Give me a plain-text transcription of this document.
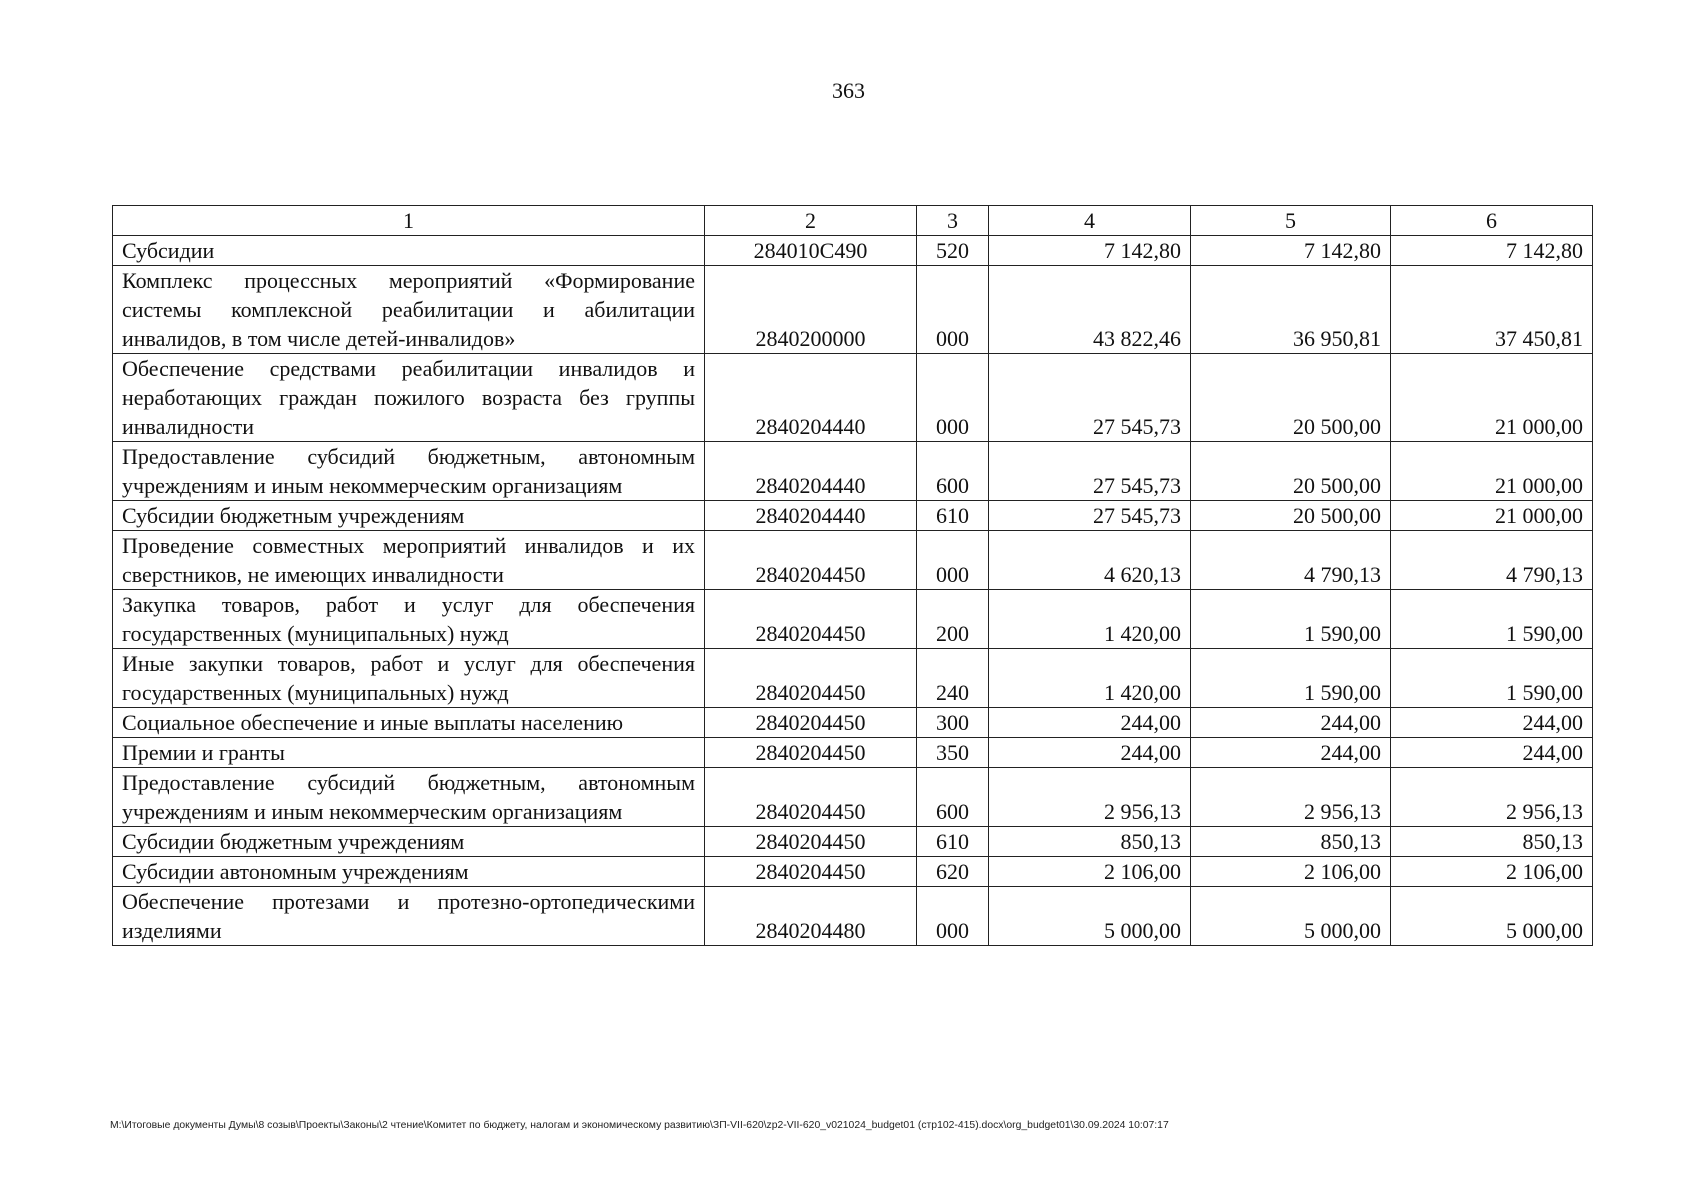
363
1	2	3	4	5	6
Субсидии	284010С490	520	7 142,80	7 142,80	7 142,80
Комплекс процессных мероприятий «Формирование системы комплексной реабилитации и абилитации инвалидов, в том числе детей-инвалидов»	2840200000	000	43 822,46	36 950,81	37 450,81
Обеспечение средствами реабилитации инвалидов и неработающих граждан пожилого возраста без группы инвалидности	2840204440	000	27 545,73	20 500,00	21 000,00
Предоставление субсидий бюджетным, автономным учреждениям и иным некоммерческим организациям	2840204440	600	27 545,73	20 500,00	21 000,00
Субсидии бюджетным учреждениям	2840204440	610	27 545,73	20 500,00	21 000,00
Проведение совместных мероприятий инвалидов и их сверстников, не имеющих инвалидности	2840204450	000	4 620,13	4 790,13	4 790,13
Закупка товаров, работ и услуг для обеспечения государственных (муниципальных) нужд	2840204450	200	1 420,00	1 590,00	1 590,00
Иные закупки товаров, работ и услуг для обеспечения государственных (муниципальных) нужд	2840204450	240	1 420,00	1 590,00	1 590,00
Социальное обеспечение и иные выплаты населению	2840204450	300	244,00	244,00	244,00
Премии и гранты	2840204450	350	244,00	244,00	244,00
Предоставление субсидий бюджетным, автономным учреждениям и иным некоммерческим организациям	2840204450	600	2 956,13	2 956,13	2 956,13
Субсидии бюджетным учреждениям	2840204450	610	850,13	850,13	850,13
Субсидии автономным учреждениям	2840204450	620	2 106,00	2 106,00	2 106,00
Обеспечение протезами и протезно-ортопедическими изделиями	2840204480	000	5 000,00	5 000,00	5 000,00
M:\Итоговые документы Думы\8 созыв\Проекты\Законы\2 чтение\Комитет по бюджету, налогам и экономическому развитию\ЗП-VII-620\zp2-VII-620_v021024_budget01 (стр102-415).docx\org_budget01\30.09.2024 10:07:17
